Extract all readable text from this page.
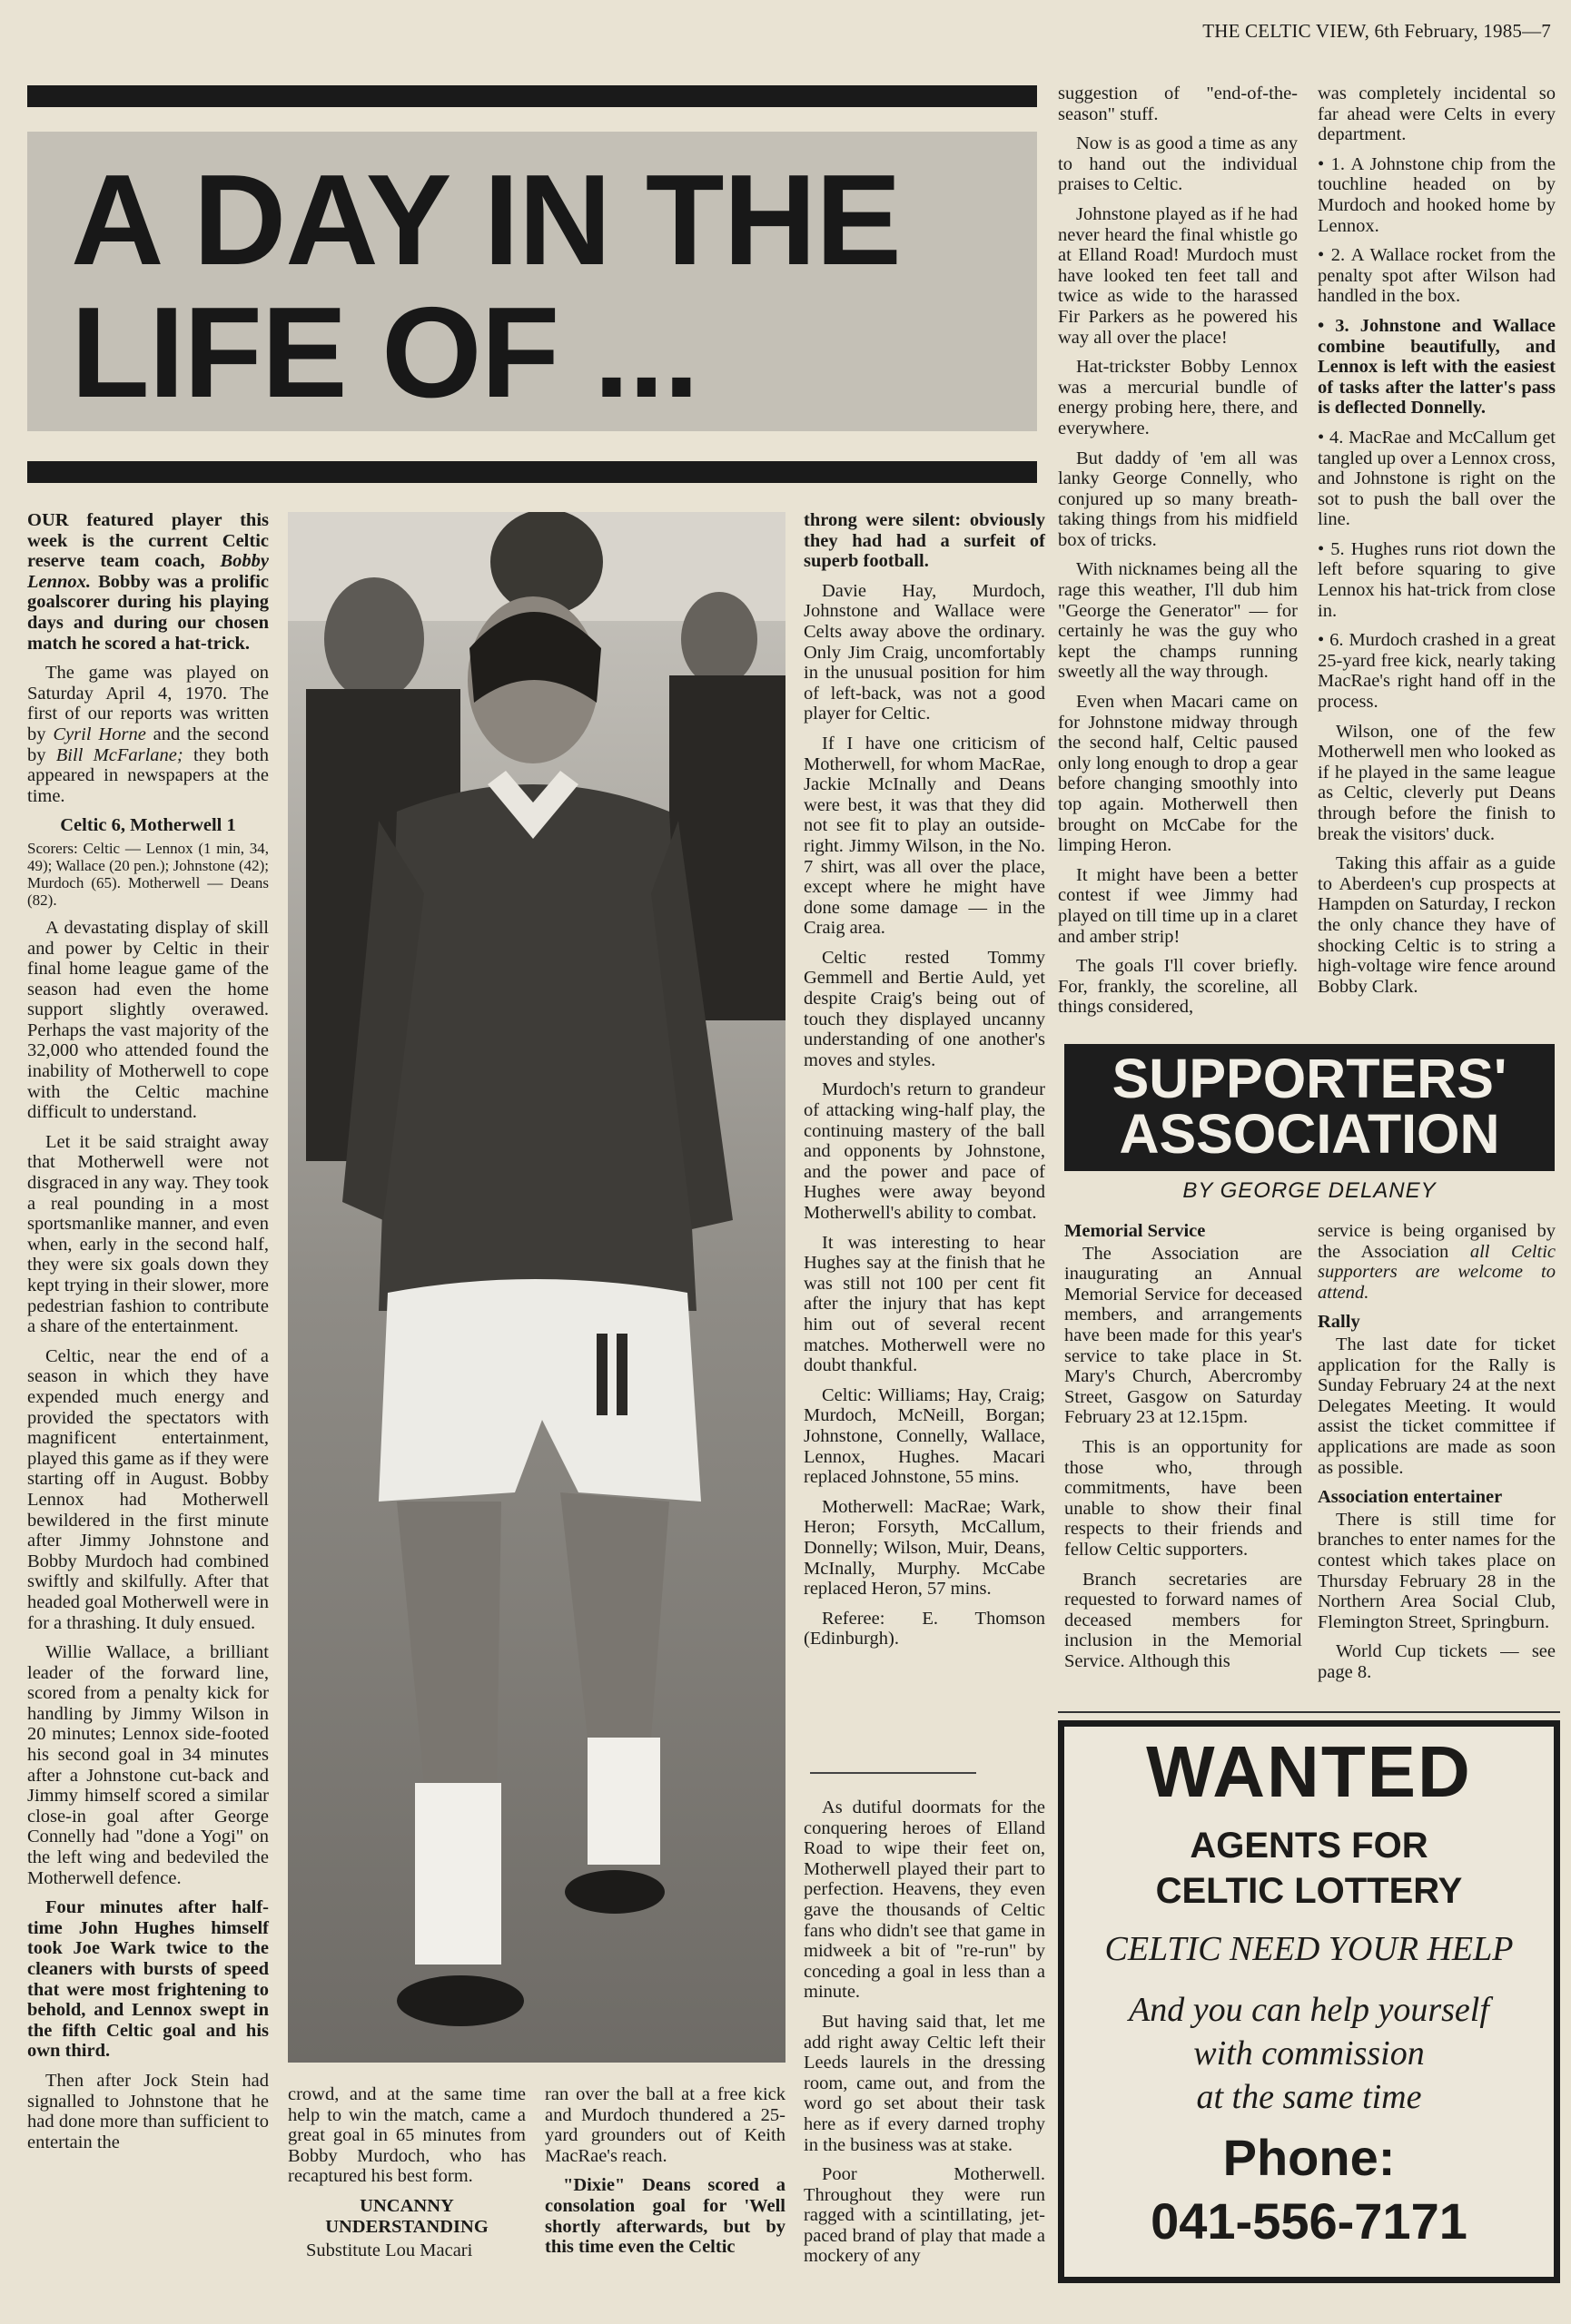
THE CELTIC VIEW, 6th February, 1985—7
A DAY IN THE
LIFE OF ...

OUR featured player this week is the current Celtic reserve team coach, Bobby Lennox. Bobby was a prolific goalscorer during his playing days and during our chosen match he scored a hat-trick.

The game was played on Saturday April 4, 1970. The first of our reports was written by Cyril Horne and the second by Bill McFarlane; they both appeared in newspapers at the time.

Celtic 6, Motherwell 1

Scorers: Celtic — Lennox (1 min, 34, 49); Wallace (20 pen.); Johnstone (42); Murdoch (65). Motherwell — Deans (82).

A devastating display of skill and power by Celtic in their final home league game of the season had even the home support slightly overawed. Perhaps the vast majority of the 32,000 who attended found the inability of Motherwell to cope with the Celtic machine difficult to understand.

Let it be said straight away that Motherwell were not disgraced in any way. They took a real pounding in a most sportsmanlike manner, and even when, early in the second half, they were six goals down they kept trying in their slower, more pedestrian fashion to contribute a share of the entertainment.

Celtic, near the end of a season in which they have expended much energy and provided the spectators with magnificent entertainment, played this game as if they were starting off in August. Bobby Lennox had Motherwell bewildered in the first minute after Jimmy Johnstone and Bobby Murdoch had combined swiftly and skilfully. After that headed goal Motherwell were in for a thrashing. It duly ensued.

Willie Wallace, a brilliant leader of the forward line, scored from a penalty kick for handling by Jimmy Wilson in 20 minutes; Lennox side-footed his second goal in 34 minutes after a Johnstone cut-back and Jimmy himself scored a similar close-in goal after George Connelly had "done a Yogi" on the left wing and bedeviled the Motherwell defence.

Four minutes after half-time John Hughes himself took Joe Wark twice to the cleaners with bursts of speed that were most frightening to behold, and Lennox swept in the fifth Celtic goal and his own third.

Then after Jock Stein had signalled to Johnstone that he had done more than sufficient to entertain the

crowd, and at the same time help to win the match, came a great goal in 65 minutes from Bobby Murdoch, who has recaptured his best form.

UNCANNY UNDERSTANDING

Substitute Lou Macari

ran over the ball at a free kick and Murdoch thundered a 25-yard grounders out of Keith MacRae's reach.

"Dixie" Deans scored a consolation goal for 'Well shortly afterwards, but by this time even the Celtic

throng were silent: obviously they had had a surfeit of superb football.

Davie Hay, Murdoch, Johnstone and Wallace were Celts away above the ordinary. Only Jim Craig, uncomfortably in the unusual position for him of left-back, was not a good player for Celtic.

If I have one criticism of Motherwell, for whom MacRae, Jackie McInally and Deans were best, it was that they did not see fit to play an outside-right. Jimmy Wilson, in the No. 7 shirt, was all over the place, except where he might have done some damage — in the Craig area.

Celtic rested Tommy Gemmell and Bertie Auld, yet despite Craig's being out of touch they displayed uncanny understanding of one another's moves and styles.

Murdoch's return to grandeur of attacking wing-half play, the continuing mastery of the ball and opponents by Johnstone, and the power and pace of Hughes were away beyond Motherwell's ability to combat.

It was interesting to hear Hughes say at the finish that he was still not 100 per cent fit after the injury that has kept him out of several recent matches. Motherwell were no doubt thankful.

Celtic: Williams; Hay, Craig; Murdoch, McNeill, Borgan; Johnstone, Connelly, Wallace, Lennox, Hughes. Macari replaced Johnstone, 55 mins.

Motherwell: MacRae; Wark, Heron; Forsyth, McCallum, Donnelly; Wilson, Muir, Deans, McInally, Murphy. McCabe replaced Heron, 57 mins.

Referee: E. Thomson (Edinburgh).

As dutiful doormats for the conquering heroes of Elland Road to wipe their feet on, Motherwell played their part to perfection. Heavens, they even gave the thousands of Celtic fans who didn't see that game in midweek a bit of "re-run" by conceding a goal in less than a minute.

But having said that, let me add right away Celtic left their Leeds laurels in the dressing room, came out, and from the word go set about their task here as if every darned trophy in the business was at stake.

Poor Motherwell. Throughout they were run ragged with a scintillating, jet-paced brand of play that made a mockery of any

suggestion of "end-of-the-season" stuff.

Now is as good a time as any to hand out the individual praises to Celtic.

Johnstone played as if he had never heard the final whistle go at Elland Road! Murdoch must have looked ten feet tall and twice as wide to the harassed Fir Parkers as he powered his way all over the place!

Hat-trickster Bobby Lennox was a mercurial bundle of energy probing here, there, and everywhere.

But daddy of 'em all was lanky George Connelly, who conjured up so many breath-taking things from his midfield box of tricks.

With nicknames being all the rage this weather, I'll dub him "George the Generator" — for certainly he was the guy who kept the champs running sweetly all the way through.

Even when Macari came on for Johnstone midway through the second half, Celtic paused only long enough to drop a gear before changing smoothly into top again. Motherwell then brought on McCabe for the limping Heron.

It might have been a better contest if wee Jimmy had played on till time up in a claret and amber strip!

The goals I'll cover briefly. For, frankly, the scoreline, all things considered,

was completely incidental so far ahead were Celts in every department.

• 1. A Johnstone chip from the touchline headed on by Murdoch and hooked home by Lennox.

• 2. A Wallace rocket from the penalty spot after Wilson had handled in the box.

• 3. Johnstone and Wallace combine beautifully, and Lennox is left with the easiest of tasks after the latter's pass is deflected Donnelly.

• 4. MacRae and McCallum get tangled up over a Lennox cross, and Johnstone is right on the sot to push the ball over the line.

• 5. Hughes runs riot down the left before squaring to give Lennox his hat-trick from close in.

• 6. Murdoch crashed in a great 25-yard free kick, nearly taking MacRae's right hand off in the process.

Wilson, one of the few Motherwell men who looked as if he played in the same league as Celtic, cleverly put Deans through before the finish to break the visitors' duck.

Taking this affair as a guide to Aberdeen's cup prospects at Hampden on Saturday, I reckon the only chance they have of shocking Celtic is to string a high-voltage wire fence around Bobby Clark.

SUPPORTERS'
ASSOCIATION
BY GEORGE DELANEY

Memorial Service

The Association are inaugurating an Annual Memorial Service for deceased members, and arrangements have been made for this year's service to take place in St. Mary's Church, Abercromby Street, Gasgow on Saturday February 23 at 12.15pm.

This is an opportunity for those who, through commitments, have been unable to show their final respects to their friends and fellow Celtic supporters.

Branch secretaries are requested to forward names of deceased members for inclusion in the Memorial Service. Although this

service is being organised by the Association all Celtic supporters are welcome to attend.

Rally

The last date for ticket application for the Rally is Sunday February 24 at the next Delegates Meeting. It would assist the ticket committee if applications are made as soon as possible.

Association entertainer

There is still time for branches to enter names for the contest which takes place on Thursday February 28 in the Northern Area Social Club, Flemington Street, Springburn.

World Cup tickets — see page 8.

WANTED
AGENTS FOR
CELTIC LOTTERY
CELTIC NEED YOUR HELP
And you can help yourself
with commission
at the same time
Phone:
041-556-7171
